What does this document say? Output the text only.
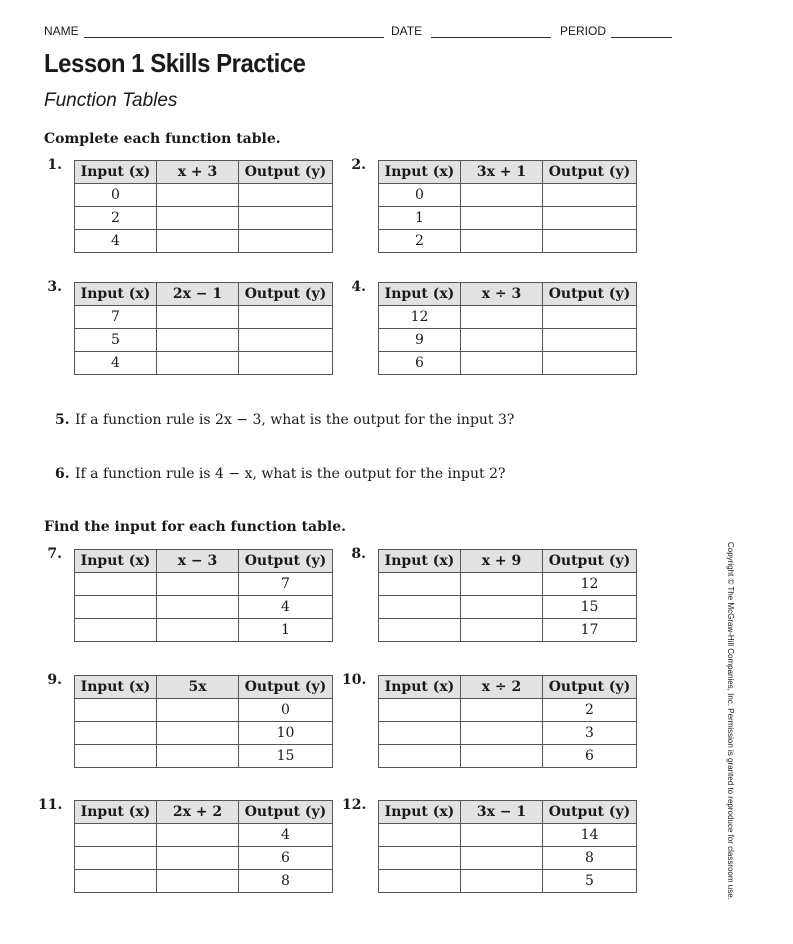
NAME	DATE	PERIOD
Lesson 1 Skills Practice
Function Tables
Complete each function table.
1. Input (x)	x + 3	Output (y)
0		
2		
4		
2. Input (x)	3x + 1	Output (y)
0		
1		
2		
3. Input (x)	2x − 1	Output (y)
7		
5		
4		
4. Input (x)	x ÷ 3	Output (y)
12		
9		
6		
5. If a function rule is 2x − 3, what is the output for the input 3?
6. If a function rule is 4 − x, what is the output for the input 2?
Find the input for each function table.
7. Input (x)	x − 3	Output (y)
		7
		4
		1
8. Input (x)	x + 9	Output (y)
		12
		15
		17
9. Input (x)	5x	Output (y)
		0
		10
		15
10. Input (x)	x ÷ 2	Output (y)
		2
		3
		6
11. Input (x)	2x + 2	Output (y)
		4
		6
		8
12. Input (x)	3x − 1	Output (y)
		14
		8
		5	Copyright © The McGraw-Hill Companies, Inc. Permission is granted to reproduce for classroom use.
